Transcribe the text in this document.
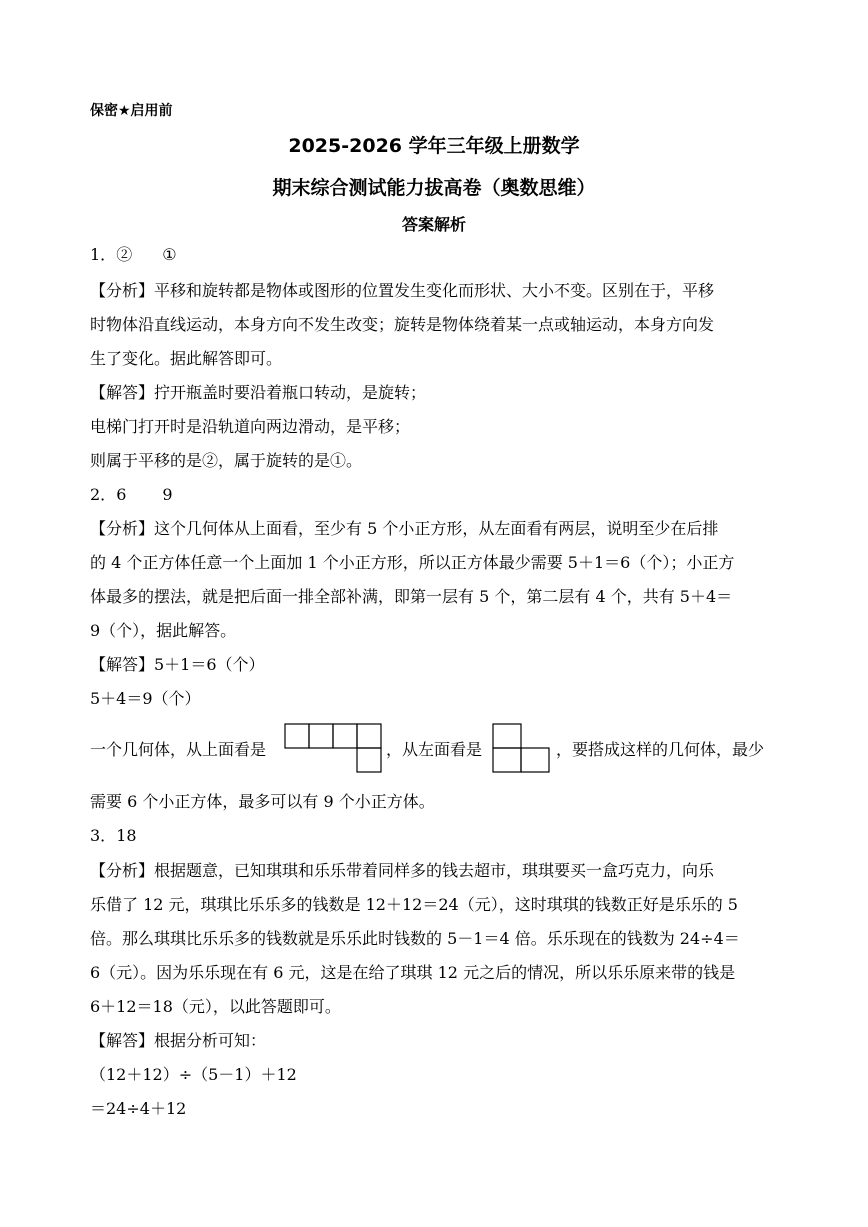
保密★启用前
2025-2026 学年三年级上册数学
期末综合测试能力拔高卷（奥数思维）
答案解析
1．② ①
【分析】平移和旋转都是物体或图形的位置发生变化而形状、大小不变。区别在于，平移
时物体沿直线运动，本身方向不发生改变；旋转是物体绕着某一点或轴运动，本身方向发
生了变化。据此解答即可。
【解答】拧开瓶盖时要沿着瓶口转动，是旋转；
电梯门打开时是沿轨道向两边滑动，是平移；
则属于平移的是②，属于旋转的是①。
2．6 9
【分析】这个几何体从上面看，至少有 5 个小正方形，从左面看有两层，说明至少在后排
的 4 个正方体任意一个上面加 1 个小正方形，所以正方体最少需要 5＋1＝6（个）；小正方
体最多的摆法，就是把后面一排全部补满，即第一层有 5 个，第二层有 4 个，共有 5＋4＝
9（个），据此解答。
【解答】5＋1＝6（个）
5＋4＝9（个）
一个几何体，从上面看是	，从左面看是	，要搭成这样的几何体，最少
需要 6 个小正方体，最多可以有 9 个小正方体。
3．18
【分析】根据题意，已知琪琪和乐乐带着同样多的钱去超市，琪琪要买一盒巧克力，向乐
乐借了 12 元，琪琪比乐乐多的钱数是 12＋12＝24（元），这时琪琪的钱数正好是乐乐的 5
倍。那么琪琪比乐乐多的钱数就是乐乐此时钱数的 5－1＝4 倍。乐乐现在的钱数为 24÷4＝
6（元）。因为乐乐现在有 6 元，这是在给了琪琪 12 元之后的情况，所以乐乐原来带的钱是
6＋12＝18（元），以此答题即可。
【解答】根据分析可知：
（12＋12）÷（5－1）＋12
＝24÷4＋12
